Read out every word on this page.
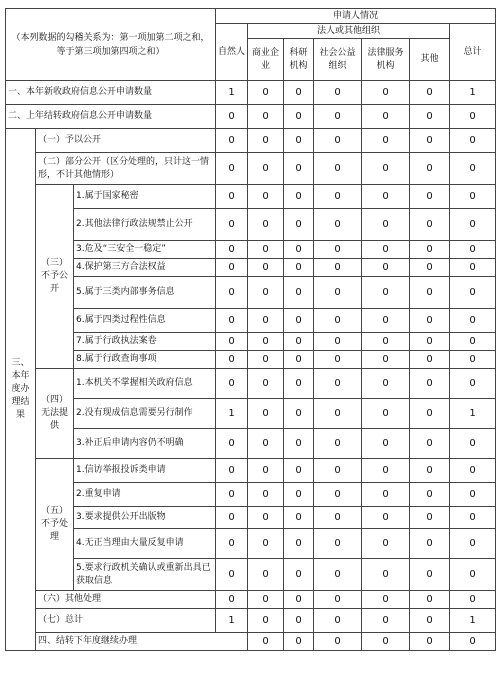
（本列数据的勾稽关系为：第一项加第二项之和，等于第三项加第四项之和）			申请人情况							
			自然人	法人或其他组织					总计	
				商业企业	科研机构	社会公益组织	法律服务机构	其他		
一、本年新收政府信息公开申请数量			1	0	0	0	0	0	1	
二、上年结转政府信息公开申请数量			0	0	0	0	0	0	0	
三、本年度办理结果	（一）予以公开		0	0	0	0	0	0	0	
	（二）部分公开（区分处理的，只计这一情形，不计其他情形）		0	0	0	0	0	0	0	
	（三）不予公开	1.属于国家秘密	0	0	0	0	0	0	0	
		2.其他法律行政法规禁止公开	0	0	0	0	0	0	0	
		3.危及“三安全一稳定”	0	0	0	0	0	0	0	
		4.保护第三方合法权益	0	0	0	0	0	0	0	
		5.属于三类内部事务信息	0	0	0	0	0	0	0	
		6.属于四类过程性信息	0	0	0	0	0	0	0	
		7.属于行政执法案卷	0	0	0	0	0	0	0	
		8.属于行政查询事项	0	0	0	0	0	0	0	
	（四）无法提供	1.本机关不掌握相关政府信息	0	0	0	0	0	0	0	
		2.没有现成信息需要另行制作	1	0	0	0	0	0	1	
		3.补正后申请内容仍不明确	0	0	0	0	0	0	0	
	（五）不予处理	1.信访举报投诉类申请	0	0	0	0	0	0	0	
		2.重复申请	0	0	0	0	0	0	0	
		3.要求提供公开出版物	0	0	0	0	0	0	0	
		4.无正当理由大量反复申请	0	0	0	0	0	0	0	
		5.要求行政机关确认或重新出具已获取信息	0	0	0	0	0	0	0	
	（六）其他处理		0	0	0	0	0	0	0	
	（七）总计		1	0	0	0	0	0	1	
	四、结转下年度继续办理			0	0	0	0	0	0	
